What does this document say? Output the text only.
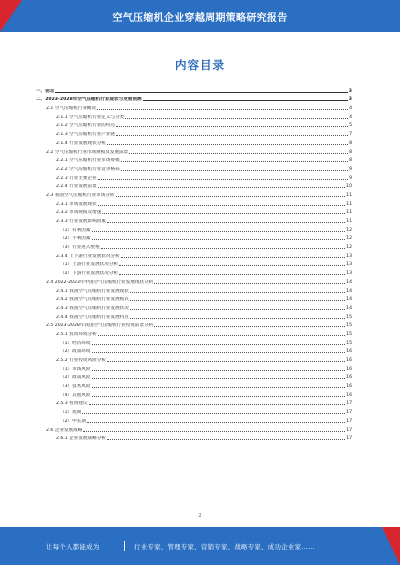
空气压缩机企业穿越周期策略研究报告
内容目录
一、前言	3
二、2023-2028年空气压缩机行业现状与发展预测	3
2.1 空气压缩机行业概况	4
2.1.1 空气压缩机行业定义与分类	4
2.1.2 空气压缩机行业的特点	5
2.1.3 空气压缩机行业产业链	7
2.1.4 行业发展现状分析	8
2.2 空气压缩机行业市场规模及发展前景	8
2.2.1 空气压缩机行业市场规模	8
2.2.2 空气压缩机行业竞争格局	9
2.2.3 行业主要企业	9
2.2.4 行业发展前景	10
2.3 我国空气压缩机行业市场分析	11
2.3.1 市场发展现状	11
2.3.2 市场规模及增速	11
2.3.3 行业发展影响因素	11
（1）有利因素	12
（2）不利因素	12
（3）行业进入壁垒	12
2.3.4 上下游行业发展状况分析	13
（1）上游行业发展状况分析	13
（2）下游行业发展状况分析	13
2.4 2022-2023年中国空气压缩机行业发展现状分析	14
2.4.1 我国空气压缩机行业发展现状	14
2.4.2 我国空气压缩机行业发展模式	14
2.4.3 我国空气压缩机行业发展状况	14
2.4.4 我国空气压缩机行业发展特点	15
2.5 2023-2028年我国空气压缩机行业投资前景分析	15
2.5.1 投资环境分析	15
（1）经济环境	15
（2）政策环境	16
2.5.2 行业投资风险分析	16
（1）市场风险	16
（2）政策风险	16
（3）技术风险	16
（4）其他风险	16
2.5.3 投资建议	17
（1）短期	17
（2）中长期	17
2.6 企业发展战略	17
2.6.1 企业发展战略分析	17
2
让每个人都能成为	行业专家、管理专家、营销专家、战略专家、成功企业家……
